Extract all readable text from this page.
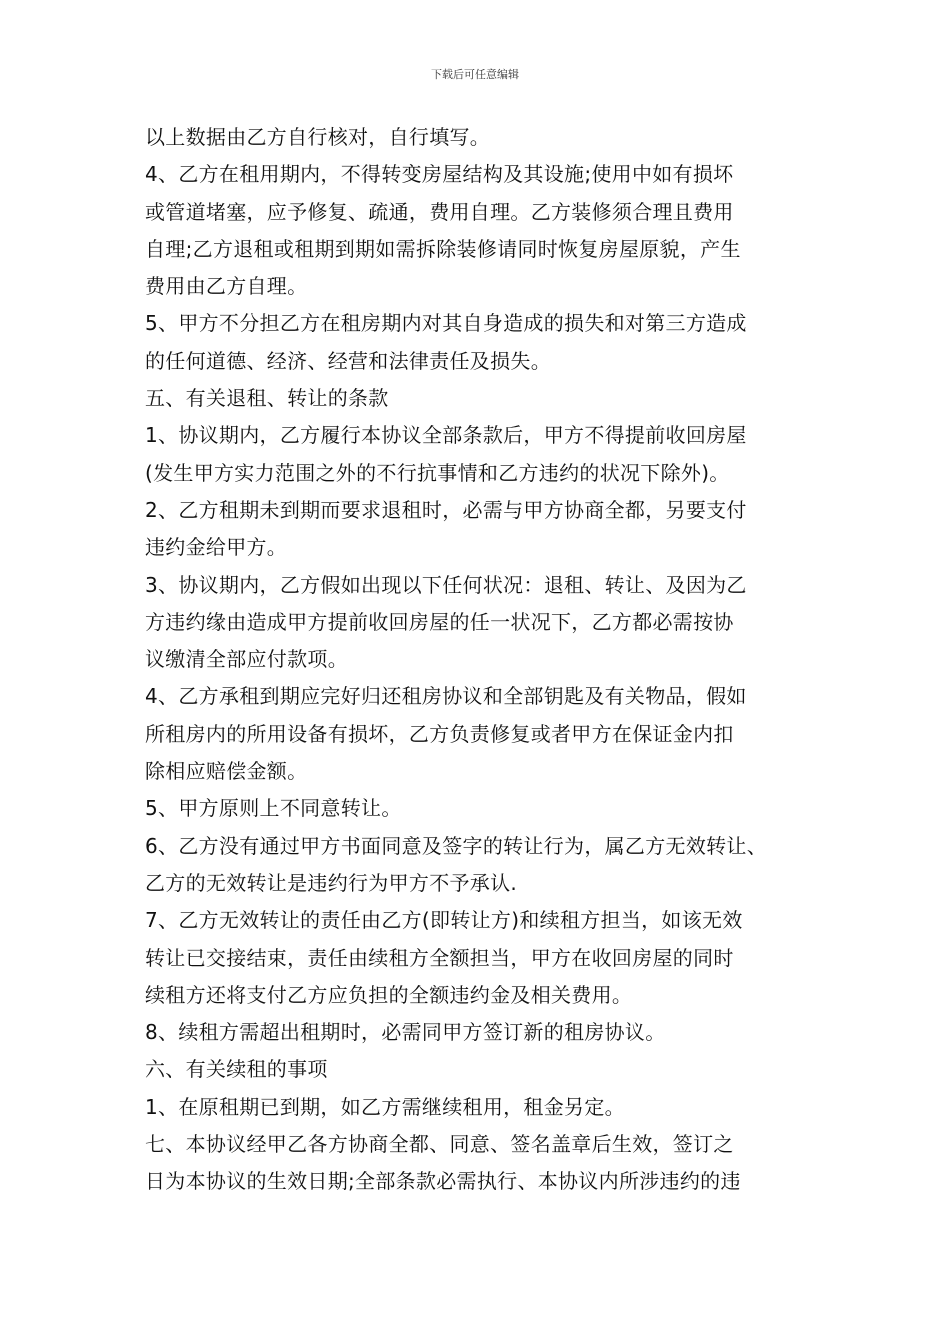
下载后可任意编辑
以上数据由乙方自行核对，自行填写。
4、乙方在租用期内，不得转变房屋结构及其设施;使用中如有损坏
或管道堵塞，应予修复、疏通，费用自理。乙方装修须合理且费用
自理;乙方退租或租期到期如需拆除装修请同时恢复房屋原貌，产生
费用由乙方自理。
5、甲方不分担乙方在租房期内对其自身造成的损失和对第三方造成
的任何道德、经济、经营和法律责任及损失。
五、有关退租、转让的条款
1、协议期内，乙方履行本协议全部条款后，甲方不得提前收回房屋
(发生甲方实力范围之外的不行抗事情和乙方违约的状况下除外)。
2、乙方租期未到期而要求退租时，必需与甲方协商全都，另要支付
违约金给甲方。
3、协议期内，乙方假如出现以下任何状况：退租、转让、及因为乙
方违约缘由造成甲方提前收回房屋的任一状况下，乙方都必需按协
议缴清全部应付款项。
4、乙方承租到期应完好归还租房协议和全部钥匙及有关物品，假如
所租房内的所用设备有损坏，乙方负责修复或者甲方在保证金内扣
除相应赔偿金额。
5、甲方原则上不同意转让。
6、乙方没有通过甲方书面同意及签字的转让行为，属乙方无效转让、
乙方的无效转让是违约行为甲方不予承认.
7、乙方无效转让的责任由乙方(即转让方)和续租方担当，如该无效
转让已交接结束，责任由续租方全额担当，甲方在收回房屋的同时
续租方还将支付乙方应负担的全额违约金及相关费用。
8、续租方需超出租期时，必需同甲方签订新的租房协议。
六、有关续租的事项
1、在原租期已到期，如乙方需继续租用，租金另定。
七、本协议经甲乙各方协商全都、同意、签名盖章后生效，签订之
日为本协议的生效日期;全部条款必需执行、本协议内所涉违约的违
